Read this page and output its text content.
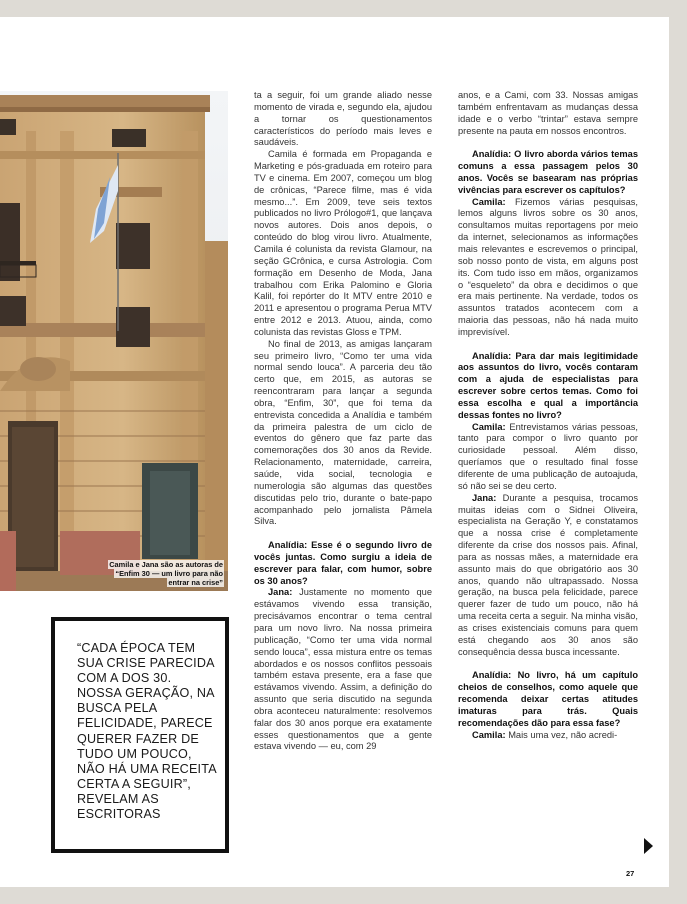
Camila e Jana são as autoras de “Enfim 30 — um livro para não entrar na crise”
“CADA ÉPOCA TEM SUA CRISE PARECIDA COM A DOS 30. NOSSA GERAÇÃO, NA BUSCA PELA FELICIDADE, PARECE QUERER FAZER DE TUDO UM POUCO, NÃO HÁ UMA RECEITA CERTA A SEGUIR”, REVELAM AS ESCRITORAS

ta a seguir, foi um grande aliado nesse momento de virada e, segundo ela, ajudou a tornar os questionamentos característicos do período mais leves e saudáveis.

Camila é formada em Propaganda e Marketing e pós-graduada em roteiro para TV e cinema. Em 2007, começou um blog de crônicas, “Parece filme, mas é vida mesmo...”. Em 2009, teve seis textos publicados no livro Prólogo#1, que lançava novos autores. Dois anos depois, o conteúdo do blog virou livro. Atualmente, Camila é colunista da revista Glamour, na seção GCrônica, e cursa Astrologia. Com formação em Desenho de Moda, Jana trabalhou com Erika Palomino e Gloria Kalil, foi repórter do It MTV entre 2010 e 2011 e apresentou o programa Perua MTV entre 2012 e 2013. Atuou, ainda, como colunista das revistas Gloss e TPM.

No final de 2013, as amigas lançaram seu primeiro livro, “Como ter uma vida normal sendo louca”. A parceria deu tão certo que, em 2015, as autoras se reencontraram para lançar a segunda obra, “Enfim, 30”, que foi tema da entrevista concedida a Analídia e também da primeira palestra de um ciclo de eventos do gênero que faz parte das comemorações dos 30 anos da Revide. Relacionamento, maternidade, carreira, saúde, vida social, tecnologia e numerologia são algumas das questões discutidas pelo trio, durante o bate-papo acompanhado pelo jornalista Pâmela Silva.

Analídia: Esse é o segundo livro de vocês juntas. Como surgiu a ideia de escrever para falar, com humor, sobre os 30 anos?

Jana: Justamente no momento que estávamos vivendo essa transição, precisávamos encontrar o tema central para um novo livro. Na nossa primeira publicação, “Como ter uma vida normal sendo louca”, essa mistura entre os temas abordados e os nossos conflitos pessoais também estava presente, era a fase que estávamos vivendo. Assim, a definição do assunto que seria discutido na segunda obra aconteceu naturalmente: resolvemos falar dos 30 anos porque era exatamente esses questionamentos que a gente estava vivendo — eu, com 29

anos, e a Cami, com 33. Nossas amigas também enfrentavam as mudanças dessa idade e o verbo “trintar” estava sempre presente na pauta em nossos encontros.

Analídia: O livro aborda vários temas comuns a essa passagem pelos 30 anos. Vocês se basearam nas próprias vivências para escrever os capítulos?

Camila: Fizemos várias pesquisas, lemos alguns livros sobre os 30 anos, consultamos muitas reportagens por meio da internet, selecionamos as informações mais relevantes e escrevemos o principal, sob nosso ponto de vista, em alguns post its. Com tudo isso em mãos, organizamos o “esqueleto” da obra e decidimos o que era mais pertinente. Na verdade, todos os assuntos tratados acontecem com a maioria das pessoas, não há nada muito imprevisível.

Analídia: Para dar mais legitimidade aos assuntos do livro, vocês contaram com a ajuda de especialistas para escrever sobre certos temas. Como foi essa escolha e qual a importância dessas fontes no livro?

Camila: Entrevistamos várias pessoas, tanto para compor o livro quanto por curiosidade pessoal. Além disso, queríamos que o resultado final fosse diferente de uma publicação de autoajuda, só não sei se deu certo.

Jana: Durante a pesquisa, trocamos muitas ideias com o Sidnei Oliveira, especialista na Geração Y, e constatamos que a nossa crise é completamente diferente da crise dos nossos pais. Afinal, para as nossas mães, a maternidade era assunto mais do que obrigatório aos 30 anos, quando não ultrapassado. Nossa geração, na busca pela felicidade, parece querer fazer de tudo um pouco, não há uma receita certa a seguir. Na minha visão, as crises existenciais comuns para quem está chegando aos 30 anos são consequência dessa busca incessante.

Analídia: No livro, há um capítulo cheios de conselhos, como aquele que recomenda deixar certas atitudes imaturas para trás. Quais recomendações dão para essa fase?

Camila: Mais uma vez, não acredi-

27
